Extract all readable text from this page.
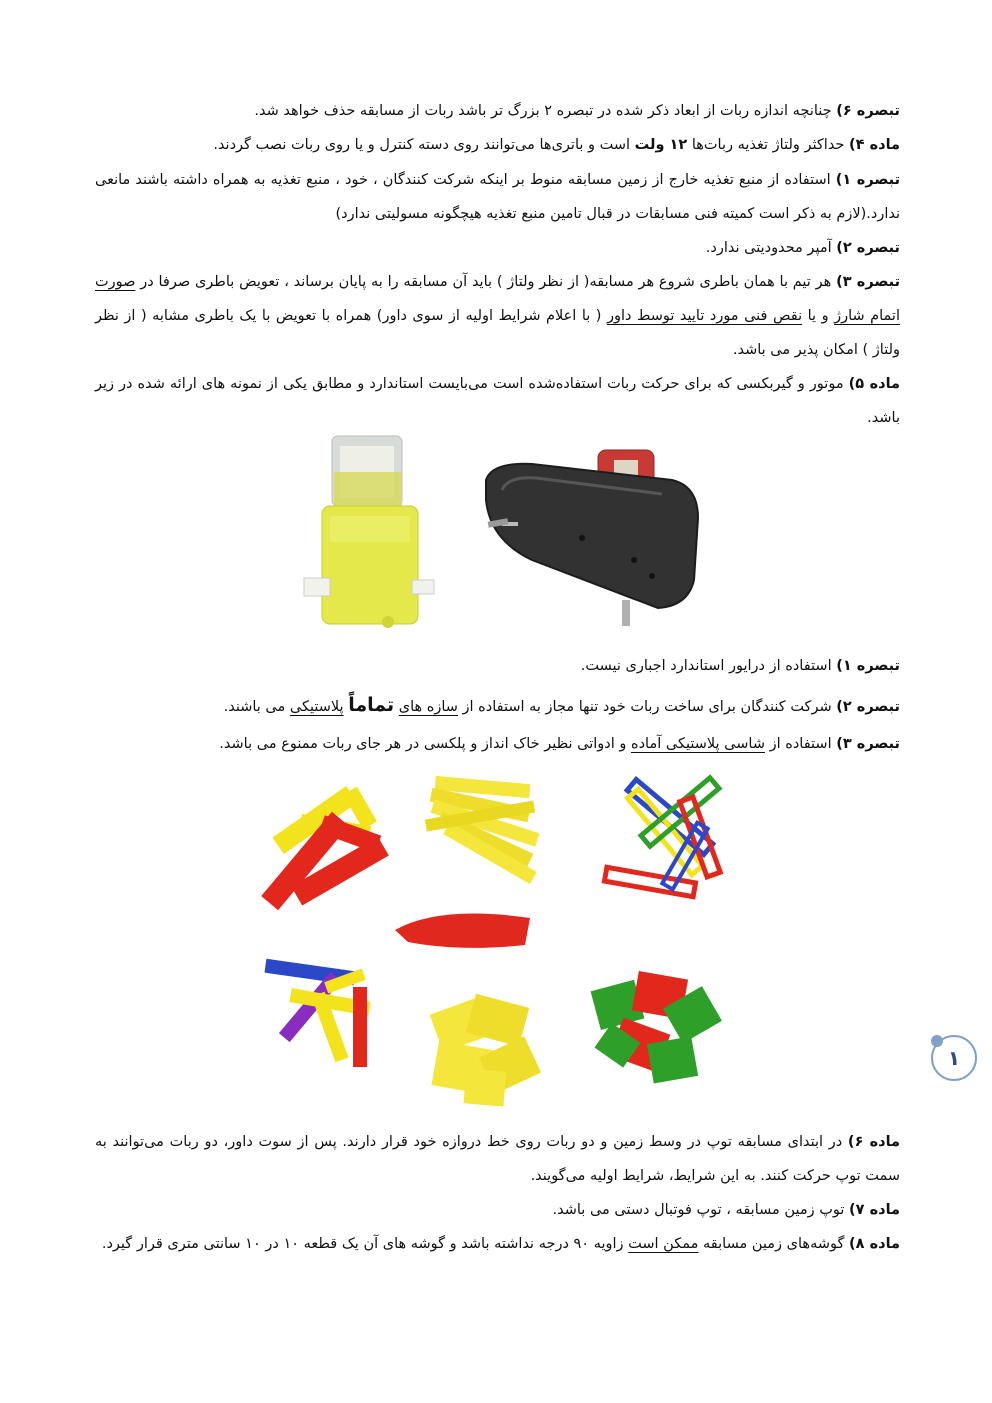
تبصره ۶) چنانچه اندازه ربات از ابعاد ذکر شده در تبصره ۲ بزرگ تر باشد ربات از مسابقه حذف خواهد شد.
ماده ۴) حداکثر ولتاژ تغذیه ربات‌ها ۱۲ ولت است و باتری‌ها می‌توانند روی دسته کنترل و یا روی ربات نصب گردند.
تبصره ۱) استفاده از منبع تغذیه خارج از زمین مسابقه منوط بر اینکه شرکت کنندگان ، خود ، منبع تغذیه به همراه داشته باشند مانعی ندارد.(لازم به ذکر است کمیته فنی مسابقات در قبال تامین منبع تغذیه هیچگونه مسولیتی ندارد)
تبصره ۲) آمپر محدودیتی ندارد.
تبصره ۳) هر تیم با همان باطری شروع هر مسابقه( از نظر ولتاژ ) باید آن مسابقه را به پایان برساند ، تعویض باطری صرفا در صورت اتمام شارژ و یا نقص فنی مورد تایید توسط داور ( با اعلام شرایط اولیه از سوی داور) همراه با تعویض با یک باطری مشابه ( از نظر ولتاژ ) امکان پذیر می باشد.
ماده ۵) موتور و گیربکسی که برای حرکت ربات استفاده‌شده است می‌بایست استاندارد و مطابق یکی از نمونه های ارائه شده در زیر باشد.
تبصره ۱) استفاده از درایور استاندارد اجباری نیست.
تبصره ۲) شرکت کنندگان برای ساخت ربات خود تنها مجاز به استفاده از سازه های تماماً پلاستیکی می باشند.
تبصره ۳) استفاده از شاسی پلاستیکی آماده و ادواتی نظیر خاک انداز و پلکسی در هر جای ربات ممنوع می باشد.
ماده ۶) در ابتدای مسابقه توپ در وسط زمین و دو ربات روی خط دروازه خود قرار دارند. پس از سوت داور، دو ربات می‌توانند به سمت توپ حرکت کنند. به این شرایط، شرایط اولیه می‌گویند.
ماده ۷) توپ زمین مسابقه ، توپ فوتبال دستی می باشد.
ماده ۸) گوشه‌های زمین مسابقه ممکن است زاویه ۹۰ درجه نداشته باشد و گوشه های آن یک قطعه ۱۰ در ۱۰ سانتی متری قرار گیرد.
۱
